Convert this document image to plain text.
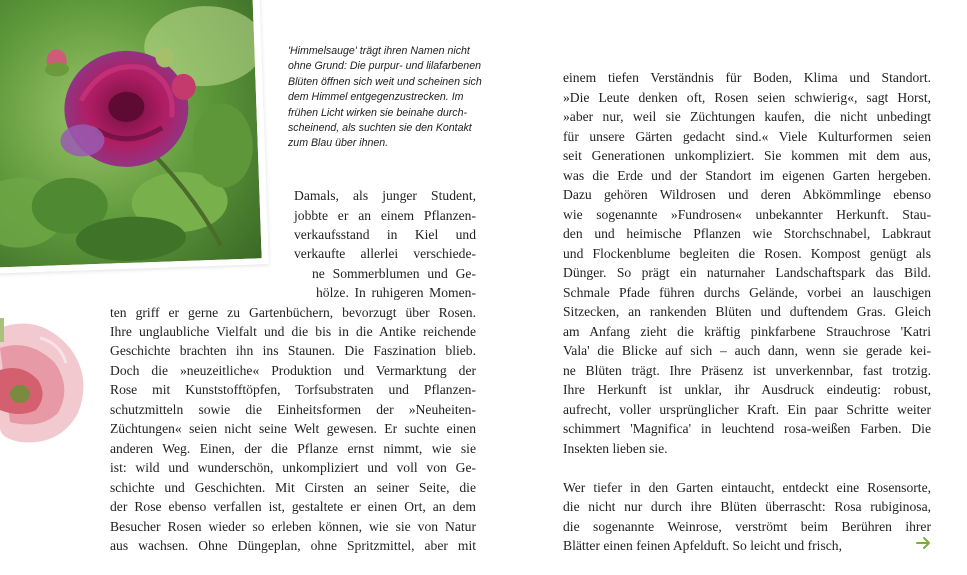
'Himmelsauge' trägt ihren Namen nicht
ohne Grund: Die purpur- und lilafarbenen
Blüten öffnen sich weit und scheinen sich
dem Himmel entgegenzustrecken. Im
frühen Licht wirken sie beinahe durch-
scheinend, als suchten sie den Kontakt
zum Blau über ihnen.

Damals, als junger Student,

jobbte er an einem Pflanzen-

verkaufsstand in Kiel und

verkaufte allerlei verschiede-

ne Sommerblumen und Ge-

hölze. In ruhigeren Momen-

ten griff er gerne zu Gartenbüchern, bevorzugt über Rosen.

Ihre unglaubliche Vielfalt und die bis in die Antike reichende

Geschichte brachten ihn ins Staunen. Die Faszination blieb.

Doch die »neuzeitliche« Produktion und Vermarktung der

Rose mit Kunststofftöpfen, Torfsubstraten und Pflanzen-

schutzmitteln sowie die Einheitsformen der »Neuheiten-

Züchtungen« seien nicht seine Welt gewesen. Er suchte einen

anderen Weg. Einen, der die Pflanze ernst nimmt, wie sie

ist: wild und wunderschön, unkompliziert und voll von Ge-

schichte und Geschichten. Mit Cirsten an seiner Seite, die

der Rose ebenso verfallen ist, gestaltete er einen Ort, an dem

Besucher Rosen wieder so erleben können, wie sie von Natur

aus wachsen. Ohne Düngeplan, ohne Spritzmittel, aber mit

einem tiefen Verständnis für Boden, Klima und Standort.

»Die Leute denken oft, Rosen seien schwierig«, sagt Horst,

»aber nur, weil sie Züchtungen kaufen, die nicht unbedingt

für unsere Gärten gedacht sind.« Viele Kulturformen seien

seit Generationen unkompliziert. Sie kommen mit dem aus,

was die Erde und der Standort im eigenen Garten hergeben.

Dazu gehören Wildrosen und deren Abkömmlinge ebenso

wie sogenannte »Fundrosen« unbekannter Herkunft. Stau-

den und heimische Pflanzen wie Storchschnabel, Labkraut

und Flockenblume begleiten die Rosen. Kompost genügt als

Dünger. So prägt ein naturnaher Landschaftspark das Bild.

Schmale Pfade führen durchs Gelände, vorbei an lauschigen

Sitzecken, an rankenden Blüten und duftendem Gras. Gleich

am Anfang zieht die kräftig pinkfarbene Strauchrose 'Katri

Vala' die Blicke auf sich – auch dann, wenn sie gerade kei-

ne Blüten trägt. Ihre Präsenz ist unverkennbar, fast trotzig.

Ihre Herkunft ist unklar, ihr Ausdruck eindeutig: robust,

aufrecht, voller ursprünglicher Kraft. Ein paar Schritte weiter

schimmert 'Magnifica' in leuchtend rosa-weißen Farben. Die

Insekten lieben sie.

Wer tiefer in den Garten eintaucht, entdeckt eine Rosensorte,

die nicht nur durch ihre Blüten überrascht: Rosa rubiginosa,

die sogenannte Weinrose, verströmt beim Berühren ihrer

Blätter einen feinen Apfelduft. So leicht und frisch,
